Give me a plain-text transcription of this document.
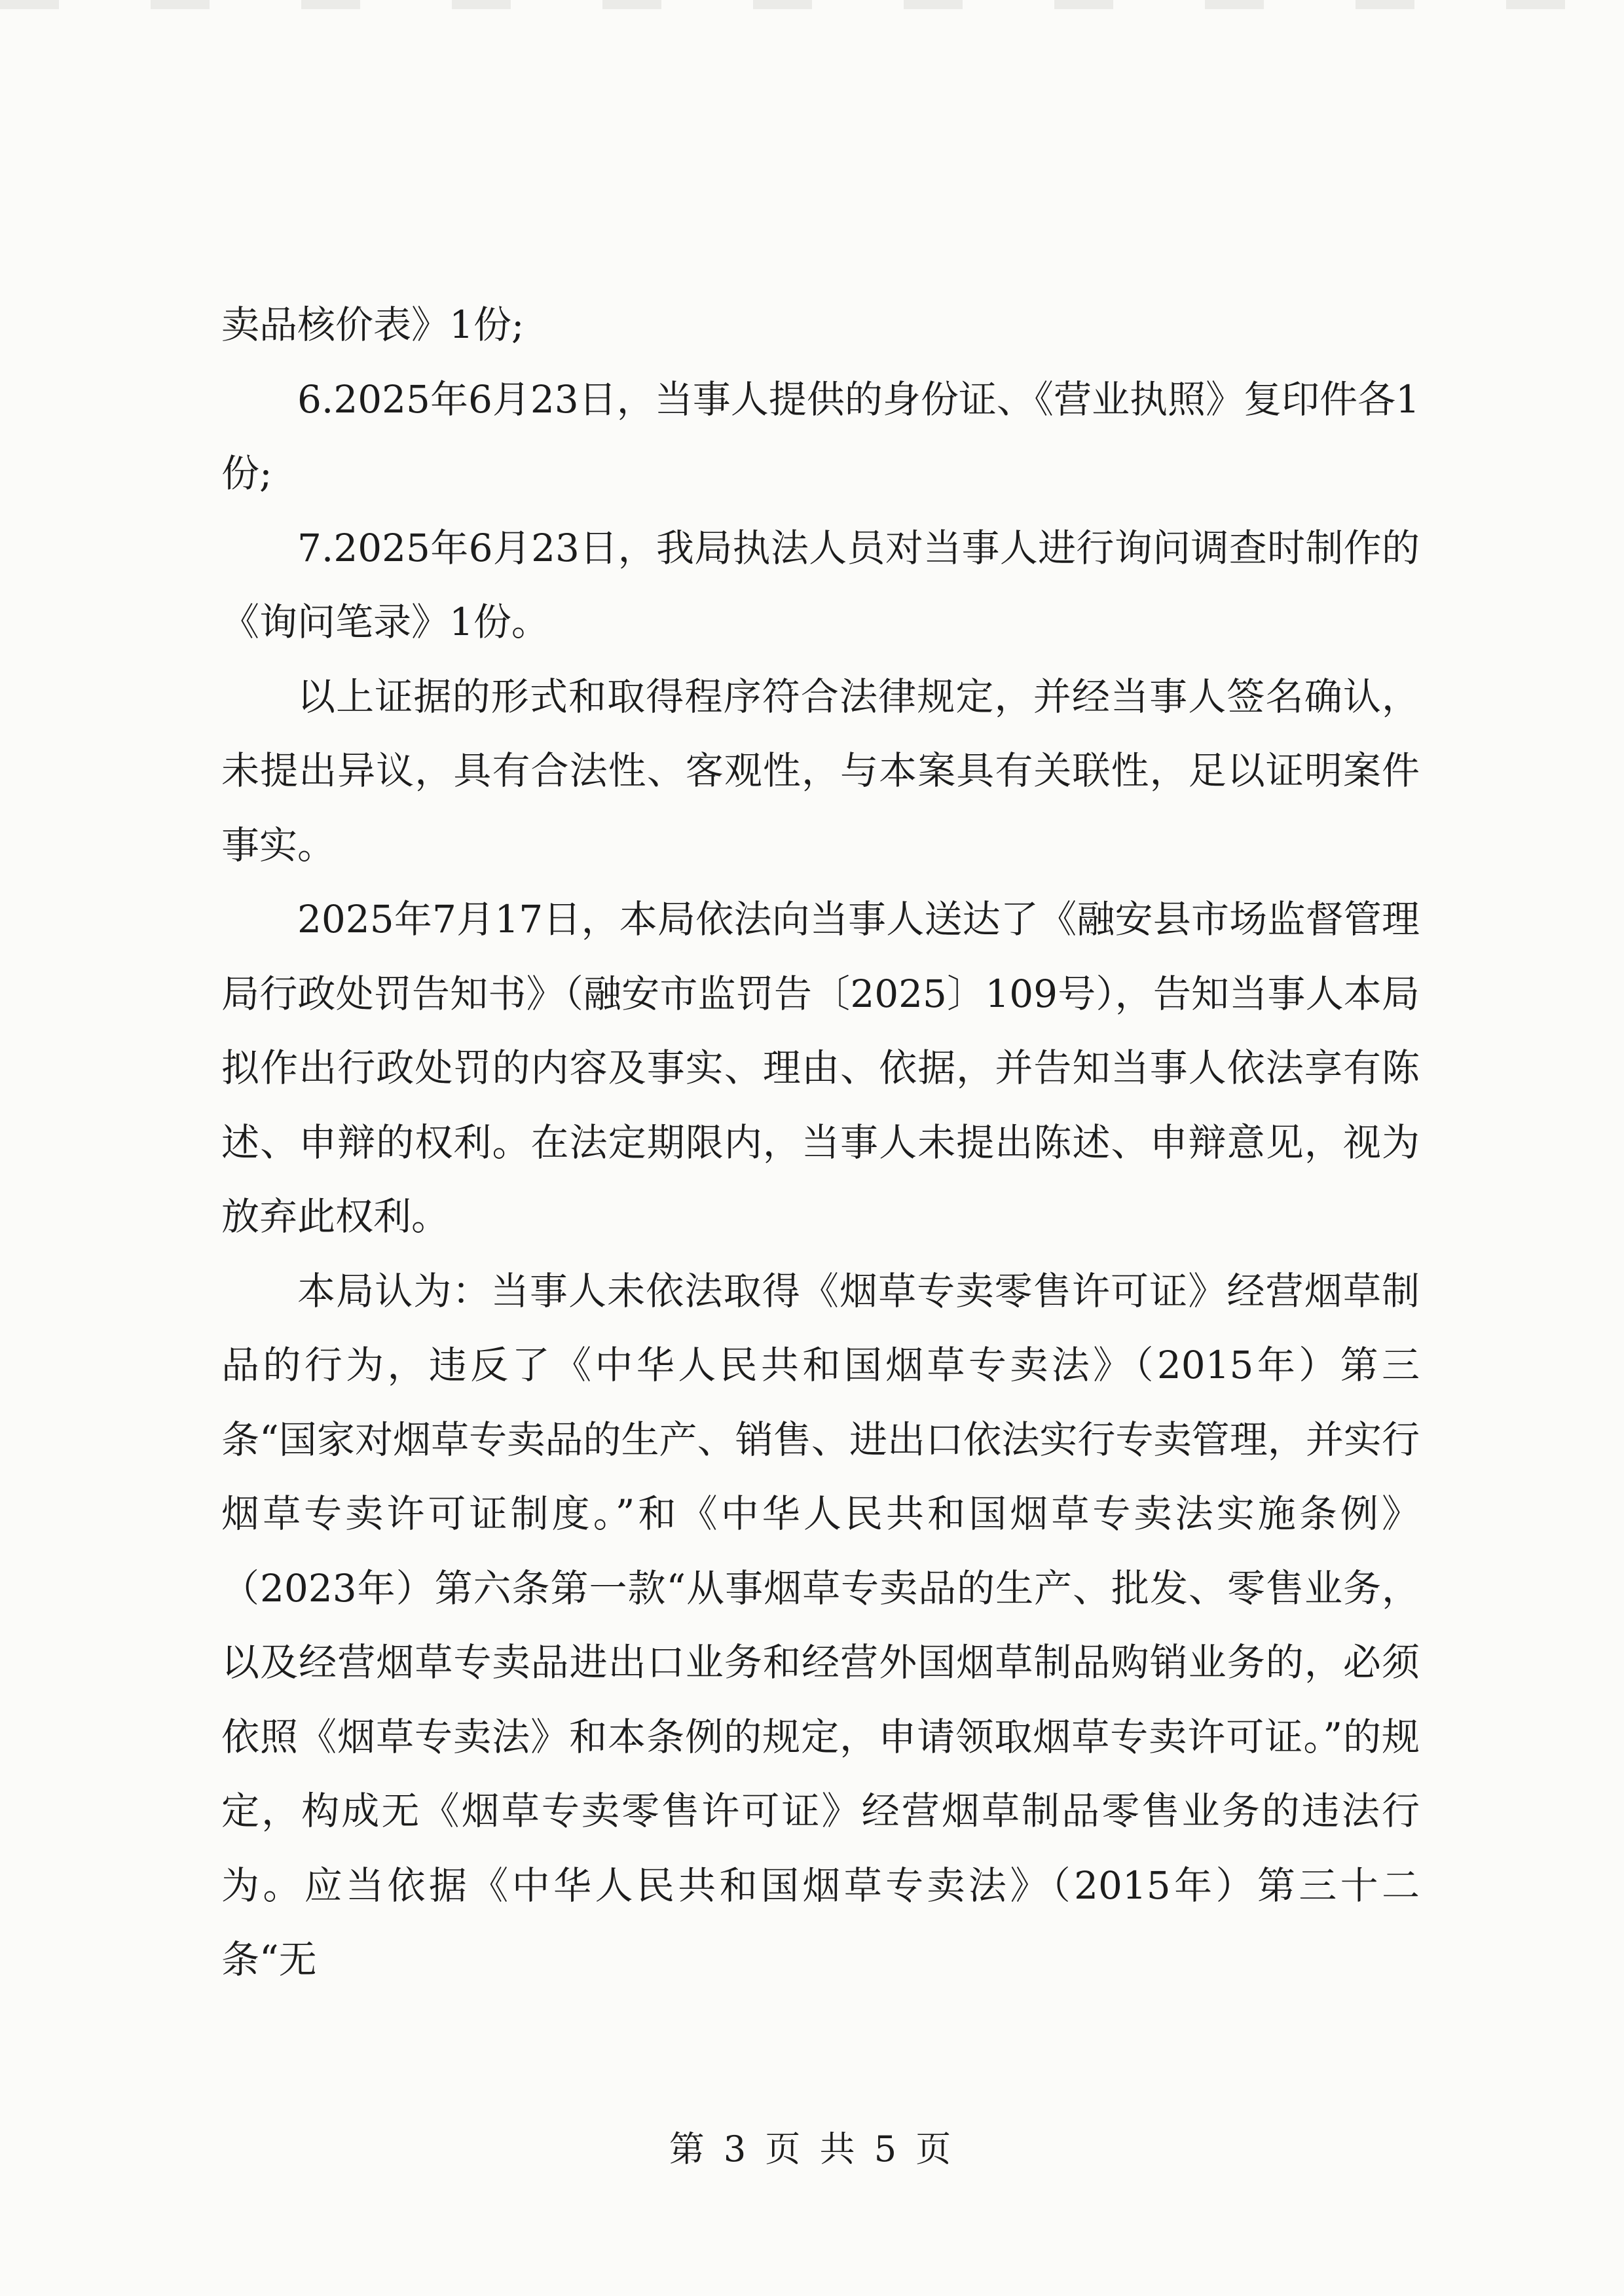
卖品核价表》1份;

6.2025年6月23日，当事人提供的身份证、《营业执照》复印件各1份;

7.2025年6月23日，我局执法人员对当事人进行询问调查时制作的《询问笔录》1份。

以上证据的形式和取得程序符合法律规定，并经当事人签名确认，未提出异议，具有合法性、客观性，与本案具有关联性，足以证明案件事实。

2025年7月17日，本局依法向当事人送达了《融安县市场监督管理局行政处罚告知书》（融安市监罚告〔2025〕109号），告知当事人本局拟作出行政处罚的内容及事实、理由、依据，并告知当事人依法享有陈述、申辩的权利。在法定期限内，当事人未提出陈述、申辩意见，视为放弃此权利。

本局认为：当事人未依法取得《烟草专卖零售许可证》经营烟草制品的行为，违反了《中华人民共和国烟草专卖法》（2015年）第三条“国家对烟草专卖品的生产、销售、进出口依法实行专卖管理，并实行烟草专卖许可证制度。”和《中华人民共和国烟草专卖法实施条例》（2023年）第六条第一款“从事烟草专卖品的生产、批发、零售业务，以及经营烟草专卖品进出口业务和经营外国烟草制品购销业务的，必须依照《烟草专卖法》和本条例的规定，申请领取烟草专卖许可证。”的规定，构成无《烟草专卖零售许可证》经营烟草制品零售业务的违法行为。应当依据《中华人民共和国烟草专卖法》（2015年）第三十二条“无

第 3 页 共 5 页
